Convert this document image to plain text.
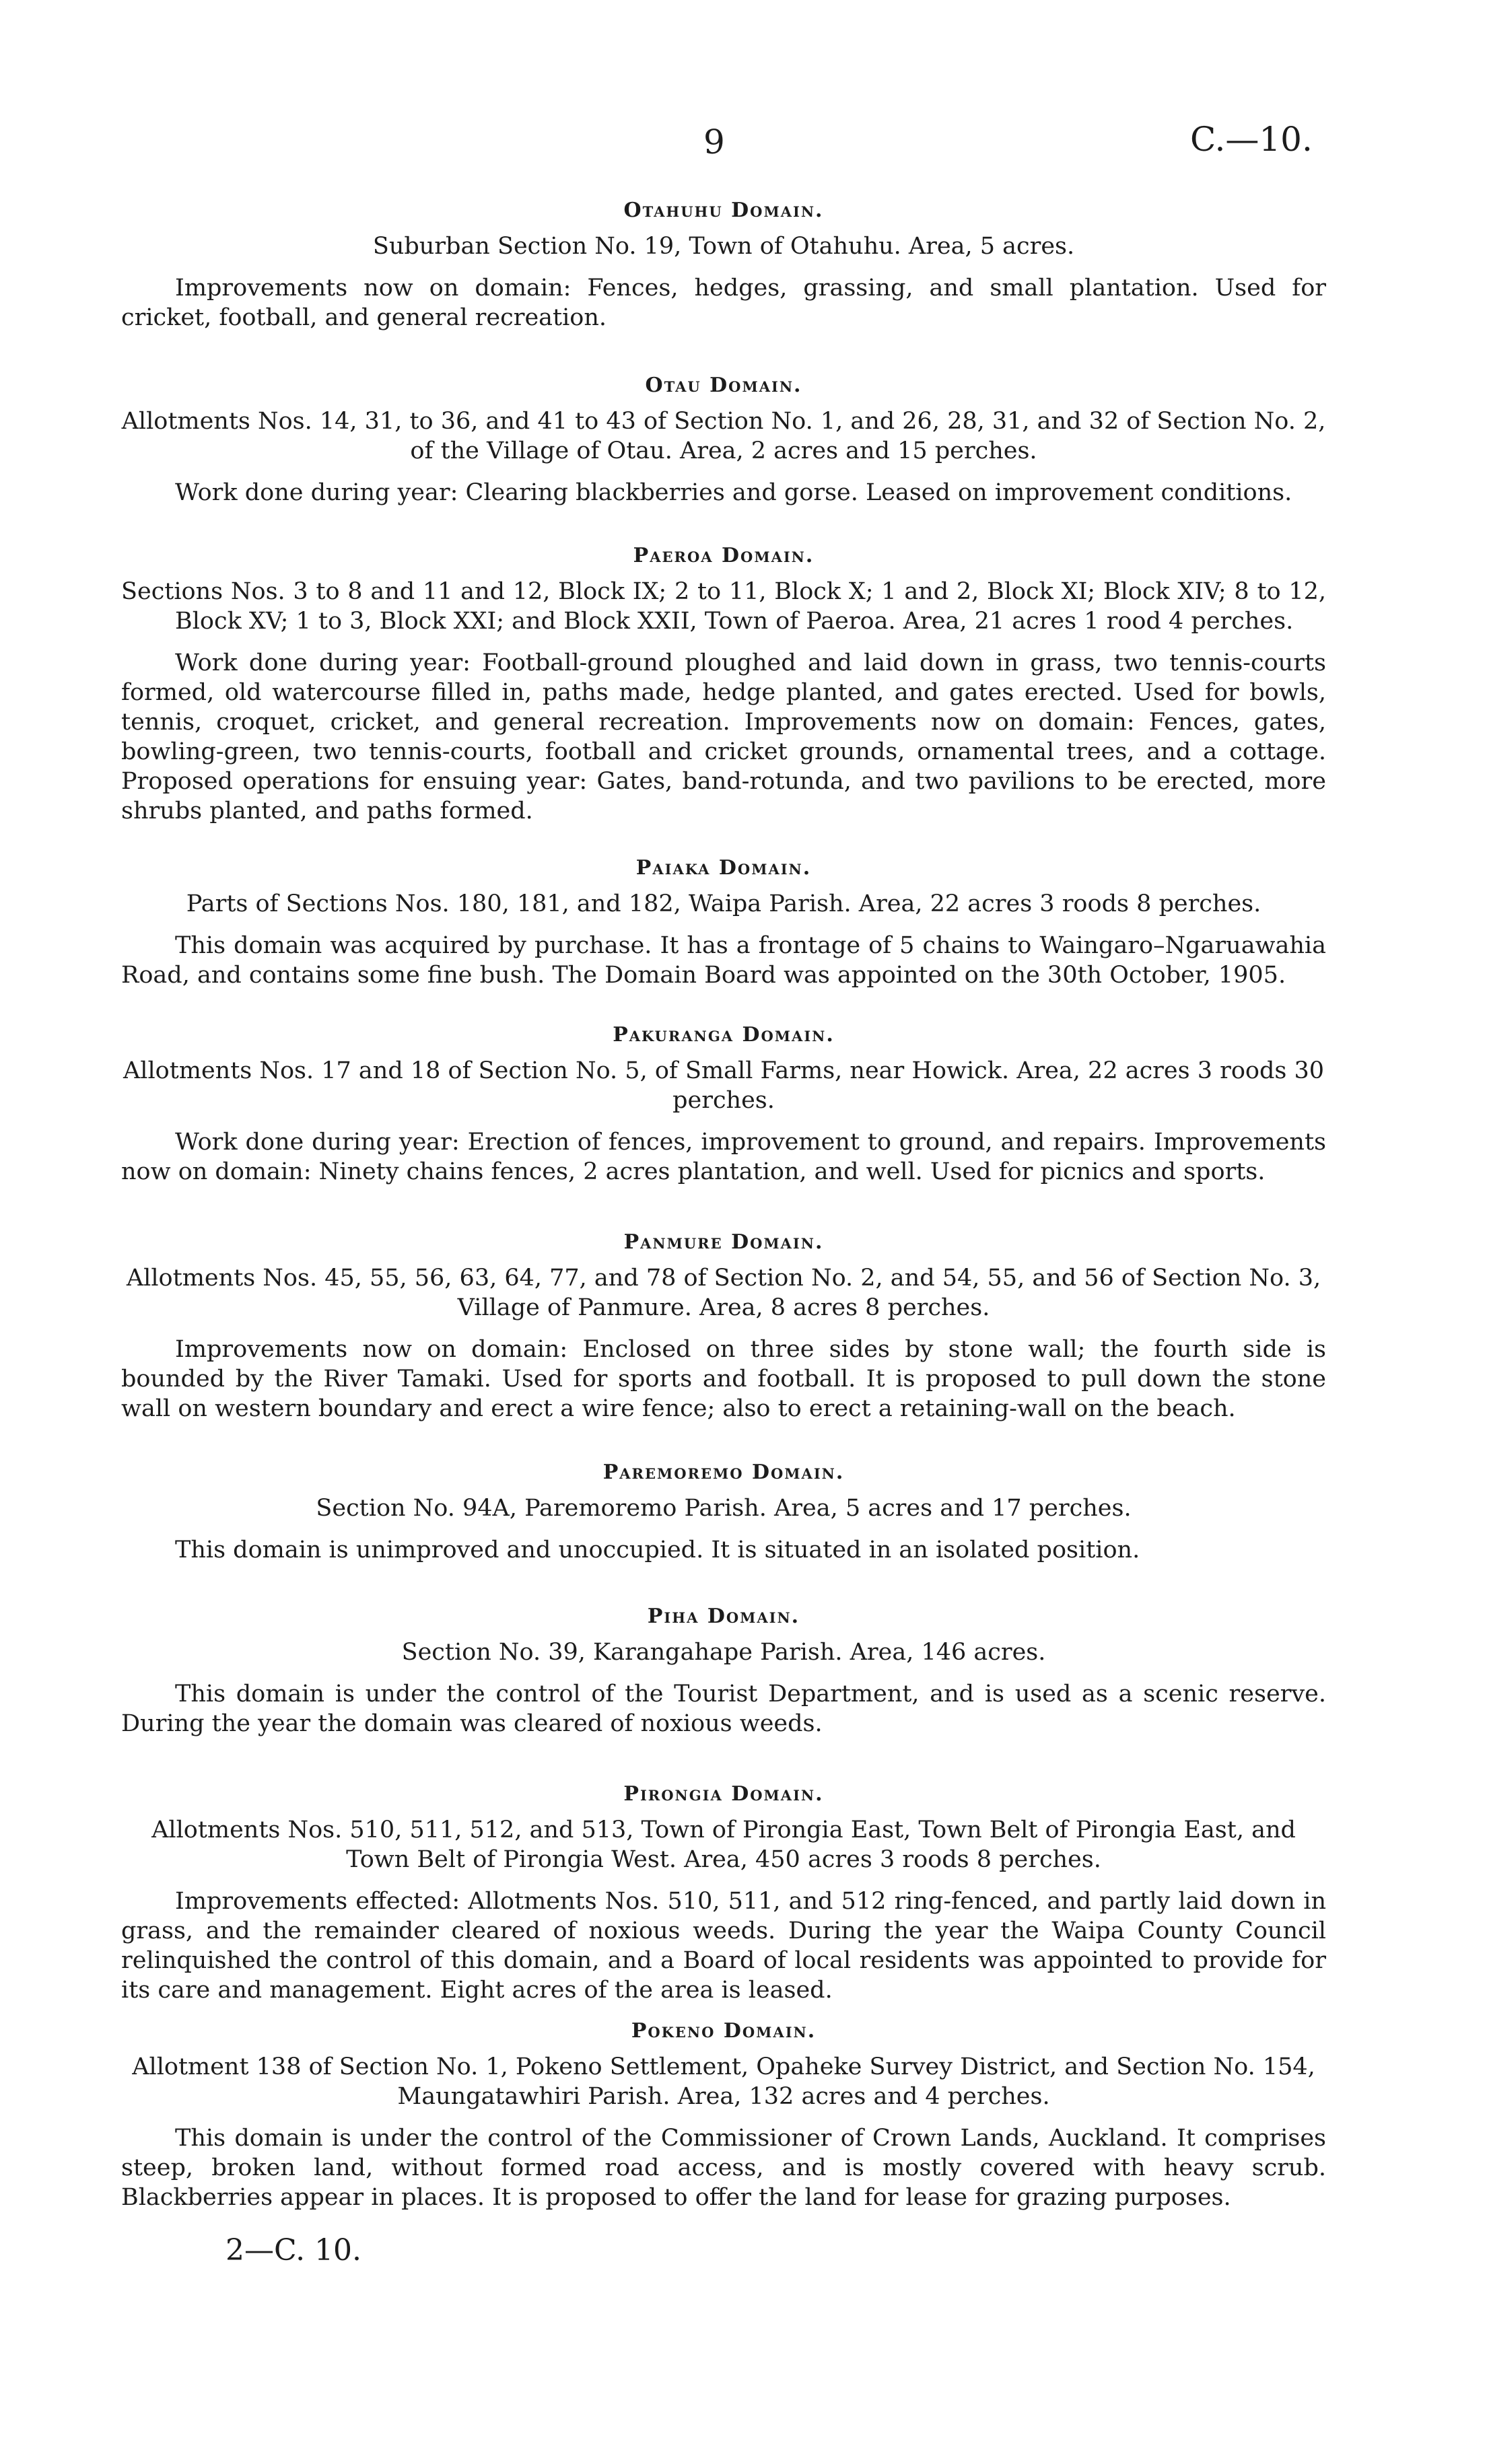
9	C.—10.
Otahuhu Domain.
Suburban Section No. 19, Town of Otahuhu. Area, 5 acres.
Improvements now on domain: Fences, hedges, grassing, and small plantation. Used for cricket, football, and general recreation.
Otau Domain.
Allotments Nos. 14, 31, to 36, and 41 to 43 of Section No. 1, and 26, 28, 31, and 32 of Section No. 2, of the Village of Otau. Area, 2 acres and 15 perches.
Work done during year: Clearing blackberries and gorse. Leased on improvement conditions.
Paeroa Domain.
Sections Nos. 3 to 8 and 11 and 12, Block IX; 2 to 11, Block X; 1 and 2, Block XI; Block XIV; 8 to 12, Block XV; 1 to 3, Block XXI; and Block XXII, Town of Paeroa. Area, 21 acres 1 rood 4 perches.
Work done during year: Football-ground ploughed and laid down in grass, two tennis-courts formed, old watercourse filled in, paths made, hedge planted, and gates erected. Used for bowls, tennis, croquet, cricket, and general recreation. Improvements now on domain: Fences, gates, bowling-green, two tennis-courts, football and cricket grounds, ornamental trees, and a cottage. Proposed operations for ensuing year: Gates, band-rotunda, and two pavilions to be erected, more shrubs planted, and paths formed.
Paiaka Domain.
Parts of Sections Nos. 180, 181, and 182, Waipa Parish. Area, 22 acres 3 roods 8 perches.
This domain was acquired by purchase. It has a frontage of 5 chains to Waingaro–Ngaruawahia Road, and contains some fine bush. The Domain Board was appointed on the 30th October, 1905.
Pakuranga Domain.
Allotments Nos. 17 and 18 of Section No. 5, of Small Farms, near Howick. Area, 22 acres 3 roods 30 perches.
Work done during year: Erection of fences, improvement to ground, and repairs. Improvements now on domain: Ninety chains fences, 2 acres plantation, and well. Used for picnics and sports.
Panmure Domain.
Allotments Nos. 45, 55, 56, 63, 64, 77, and 78 of Section No. 2, and 54, 55, and 56 of Section No. 3, Village of Panmure. Area, 8 acres 8 perches.
Improvements now on domain: Enclosed on three sides by stone wall; the fourth side is bounded by the River Tamaki. Used for sports and football. It is proposed to pull down the stone wall on western boundary and erect a wire fence; also to erect a retaining-wall on the beach.
Paremoremo Domain.
Section No. 94A, Paremoremo Parish. Area, 5 acres and 17 perches.
This domain is unimproved and unoccupied. It is situated in an isolated position.
Piha Domain.
Section No. 39, Karangahape Parish. Area, 146 acres.
This domain is under the control of the Tourist Department, and is used as a scenic reserve. During the year the domain was cleared of noxious weeds.
Pirongia Domain.
Allotments Nos. 510, 511, 512, and 513, Town of Pirongia East, Town Belt of Pirongia East, and Town Belt of Pirongia West. Area, 450 acres 3 roods 8 perches.
Improvements effected: Allotments Nos. 510, 511, and 512 ring-fenced, and partly laid down in grass, and the remainder cleared of noxious weeds. During the year the Waipa County Council relinquished the control of this domain, and a Board of local residents was appointed to provide for its care and management. Eight acres of the area is leased.
Pokeno Domain.
Allotment 138 of Section No. 1, Pokeno Settlement, Opaheke Survey District, and Section No. 154, Maungatawhiri Parish. Area, 132 acres and 4 perches.
This domain is under the control of the Commissioner of Crown Lands, Auckland. It comprises steep, broken land, without formed road access, and is mostly covered with heavy scrub. Blackberries appear in places. It is proposed to offer the land for lease for grazing purposes.
2—C. 10.
